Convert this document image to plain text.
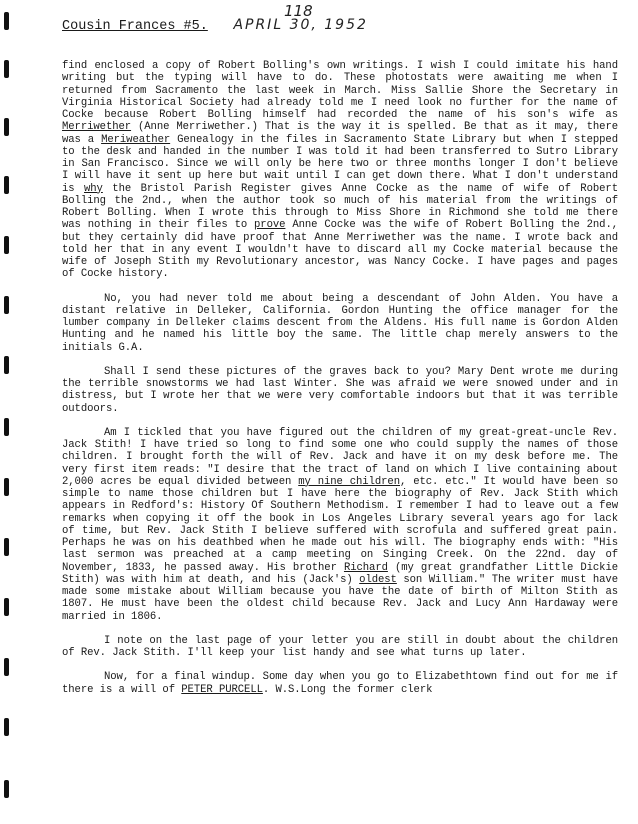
118
Cousin Frances #5. APRIL 30, 1952

find enclosed a copy of Robert Bolling's own writings. I wish I could imitate his hand writing but the typing will have to do. These photostats were awaiting me when I returned from Sacramento the last week in March. Miss Sallie Shore the Secretary in Virginia Historical Society had already told me I need look no further for the name of Cocke because Robert Bolling himself had recorded the name of his son's wife as Merriwether (Anne Merriwether.) That is the way it is spelled. Be that as it may, there was a Meriweather Genealogy in the files in Sacramento State Library but when I stepped to the desk and handed in the number I was told it had been transferred to Sutro Library in San Francisco. Since we will only be here two or three months longer I don't believe I will have it sent up here but wait until I can get down there. What I don't understand is why the Bristol Parish Register gives Anne Cocke as the name of wife of Robert Bolling the 2nd., when the author took so much of his material from the writings of Robert Bolling. When I wrote this through to Miss Shore in Richmond she told me there was nothing in their files to prove Anne Cocke was the wife of Robert Bolling the 2nd., but they certainly did have proof that Anne Merriwether was the name. I wrote back and told her that in any event I wouldn't have to discard all my Cocke material because the wife of Joseph Stith my Revolutionary ancestor, was Nancy Cocke. I have pages and pages of Cocke history.

No, you had never told me about being a descendant of John Alden. You have a distant relative in Delleker, California. Gordon Hunting the office manager for the lumber company in Delleker claims descent from the Aldens. His full name is Gordon Alden Hunting and he named his little boy the same. The little chap merely answers to the initials G.A.

Shall I send these pictures of the graves back to you? Mary Dent wrote me during the terrible snowstorms we had last Winter. She was afraid we were snowed under and in distress, but I wrote her that we were very comfortable indoors but that it was terrible outdoors.

Am I tickled that you have figured out the children of my great-great-uncle Rev. Jack Stith! I have tried so long to find some one who could supply the names of those children. I brought forth the will of Rev. Jack and have it on my desk before me. The very first item reads: "I desire that the tract of land on which I live containing about 2,000 acres be equal divided between my nine children, etc. etc." It would have been so simple to name those children but I have here the biography of Rev. Jack Stith which appears in Redford's: History Of Southern Methodism. I remember I had to leave out a few remarks when copying it off the book in Los Angeles Library several years ago for lack of time, but Rev. Jack Stith I believe suffered with scrofula and suffered great pain. Perhaps he was on his deathbed when he made out his will. The biography ends with: "His last sermon was preached at a camp meeting on Singing Creek. On the 22nd. day of November, 1833, he passed away. His brother Richard (my great grandfather Little Dickie Stith) was with him at death, and his (Jack's) oldest son William." The writer must have made some mistake about William because you have the date of birth of Milton Stith as 1807. He must have been the oldest child because Rev. Jack and Lucy Ann Hardaway were married in 1806.

I note on the last page of your letter you are still in doubt about the children of Rev. Jack Stith. I'll keep your list handy and see what turns up later.

Now, for a final windup. Some day when you go to Elizabethtown find out for me if there is a will of PETER PURCELL. W.S.Long the former clerk
